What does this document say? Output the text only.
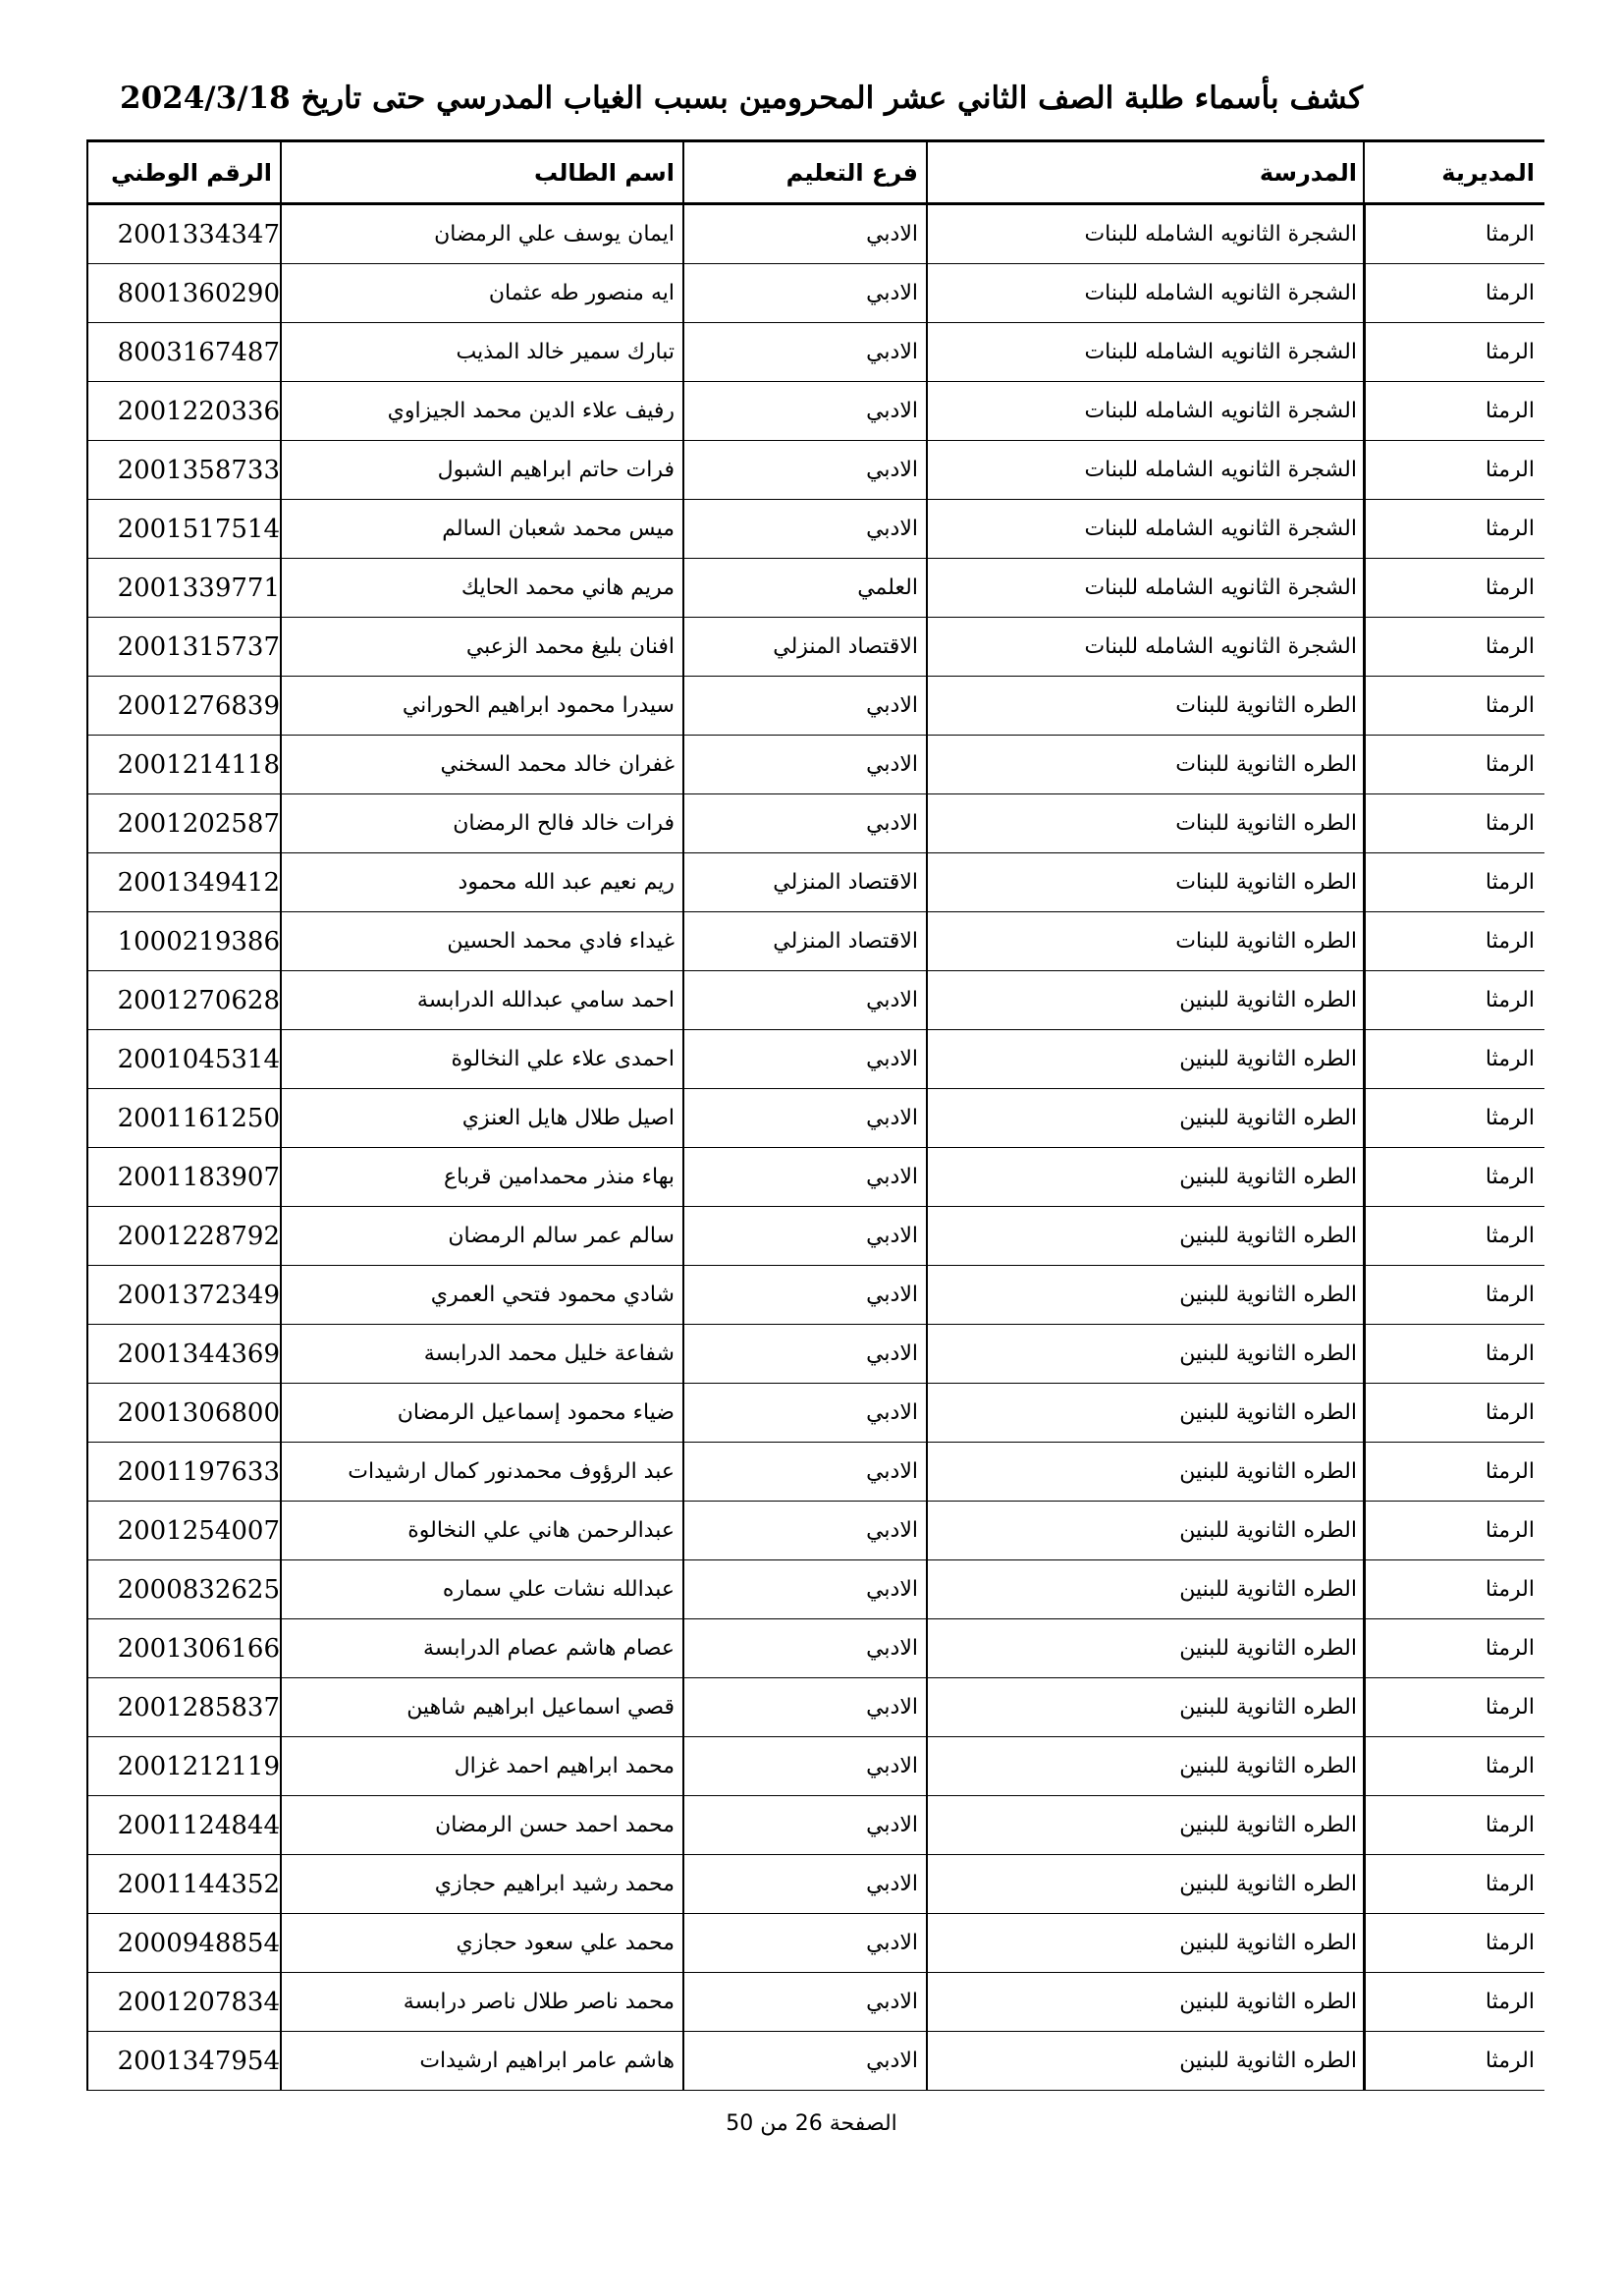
كشف بأسماء طلبة الصف الثاني عشر المحرومين بسبب الغياب المدرسي حتى تاريخ 2024/3/18
المديرية
المدرسة
فرع التعليم
اسم الطالب
الرقم الوطني
الرمثا
الشجرة الثانويه الشامله للبنات
الادبي
ايمان يوسف علي الرمضان
2001334347
الرمثا
الشجرة الثانويه الشامله للبنات
الادبي
ايه منصور طه عثمان
8001360290
الرمثا
الشجرة الثانويه الشامله للبنات
الادبي
تبارك سمير خالد المذيب
8003167487
الرمثا
الشجرة الثانويه الشامله للبنات
الادبي
رفيف علاء الدين محمد الجيزاوي
2001220336
الرمثا
الشجرة الثانويه الشامله للبنات
الادبي
فرات حاتم ابراهيم الشبول
2001358733
الرمثا
الشجرة الثانويه الشامله للبنات
الادبي
ميس محمد شعبان السالم
2001517514
الرمثا
الشجرة الثانويه الشامله للبنات
العلمي
مريم هاني محمد الحايك
2001339771
الرمثا
الشجرة الثانويه الشامله للبنات
الاقتصاد المنزلي
افنان بليغ محمد الزعبي
2001315737
الرمثا
الطره الثانوية للبنات
الادبي
سيدرا محمود ابراهيم الحوراني
2001276839
الرمثا
الطره الثانوية للبنات
الادبي
غفران خالد محمد السخني
2001214118
الرمثا
الطره الثانوية للبنات
الادبي
فرات خالد فالح الرمضان
2001202587
الرمثا
الطره الثانوية للبنات
الاقتصاد المنزلي
ريم نعيم عبد الله محمود
2001349412
الرمثا
الطره الثانوية للبنات
الاقتصاد المنزلي
غيداء فادي محمد الحسين
1000219386
الرمثا
الطره الثانوية للبنين
الادبي
احمد سامي عبدالله الدرابسة
2001270628
الرمثا
الطره الثانوية للبنين
الادبي
احمدى علاء علي النخالوة
2001045314
الرمثا
الطره الثانوية للبنين
الادبي
اصيل طلال هايل العنزي
2001161250
الرمثا
الطره الثانوية للبنين
الادبي
بهاء منذر محمدامين قرباع
2001183907
الرمثا
الطره الثانوية للبنين
الادبي
سالم عمر سالم الرمضان
2001228792
الرمثا
الطره الثانوية للبنين
الادبي
شادي محمود فتحي العمري
2001372349
الرمثا
الطره الثانوية للبنين
الادبي
شفاعة خليل محمد الدرابسة
2001344369
الرمثا
الطره الثانوية للبنين
الادبي
ضياء محمود إسماعيل الرمضان
2001306800
الرمثا
الطره الثانوية للبنين
الادبي
عبد الرؤوف محمدنور كمال ارشيدات
2001197633
الرمثا
الطره الثانوية للبنين
الادبي
عبدالرحمن هاني علي النخالوة
2001254007
الرمثا
الطره الثانوية للبنين
الادبي
عبدالله نشات علي سماره
2000832625
الرمثا
الطره الثانوية للبنين
الادبي
عصام هاشم عصام الدرابسة
2001306166
الرمثا
الطره الثانوية للبنين
الادبي
قصي اسماعيل ابراهيم شاهين
2001285837
الرمثا
الطره الثانوية للبنين
الادبي
محمد ابراهيم احمد غزال
2001212119
الرمثا
الطره الثانوية للبنين
الادبي
محمد احمد حسن الرمضان
2001124844
الرمثا
الطره الثانوية للبنين
الادبي
محمد رشيد ابراهيم حجازي
2001144352
الرمثا
الطره الثانوية للبنين
الادبي
محمد علي سعود حجازي
2000948854
الرمثا
الطره الثانوية للبنين
الادبي
محمد ناصر طلال ناصر درابسة
2001207834
الرمثا
الطره الثانوية للبنين
الادبي
هاشم عامر ابراهيم ارشيدات
2001347954
الصفحة 26 من 50
